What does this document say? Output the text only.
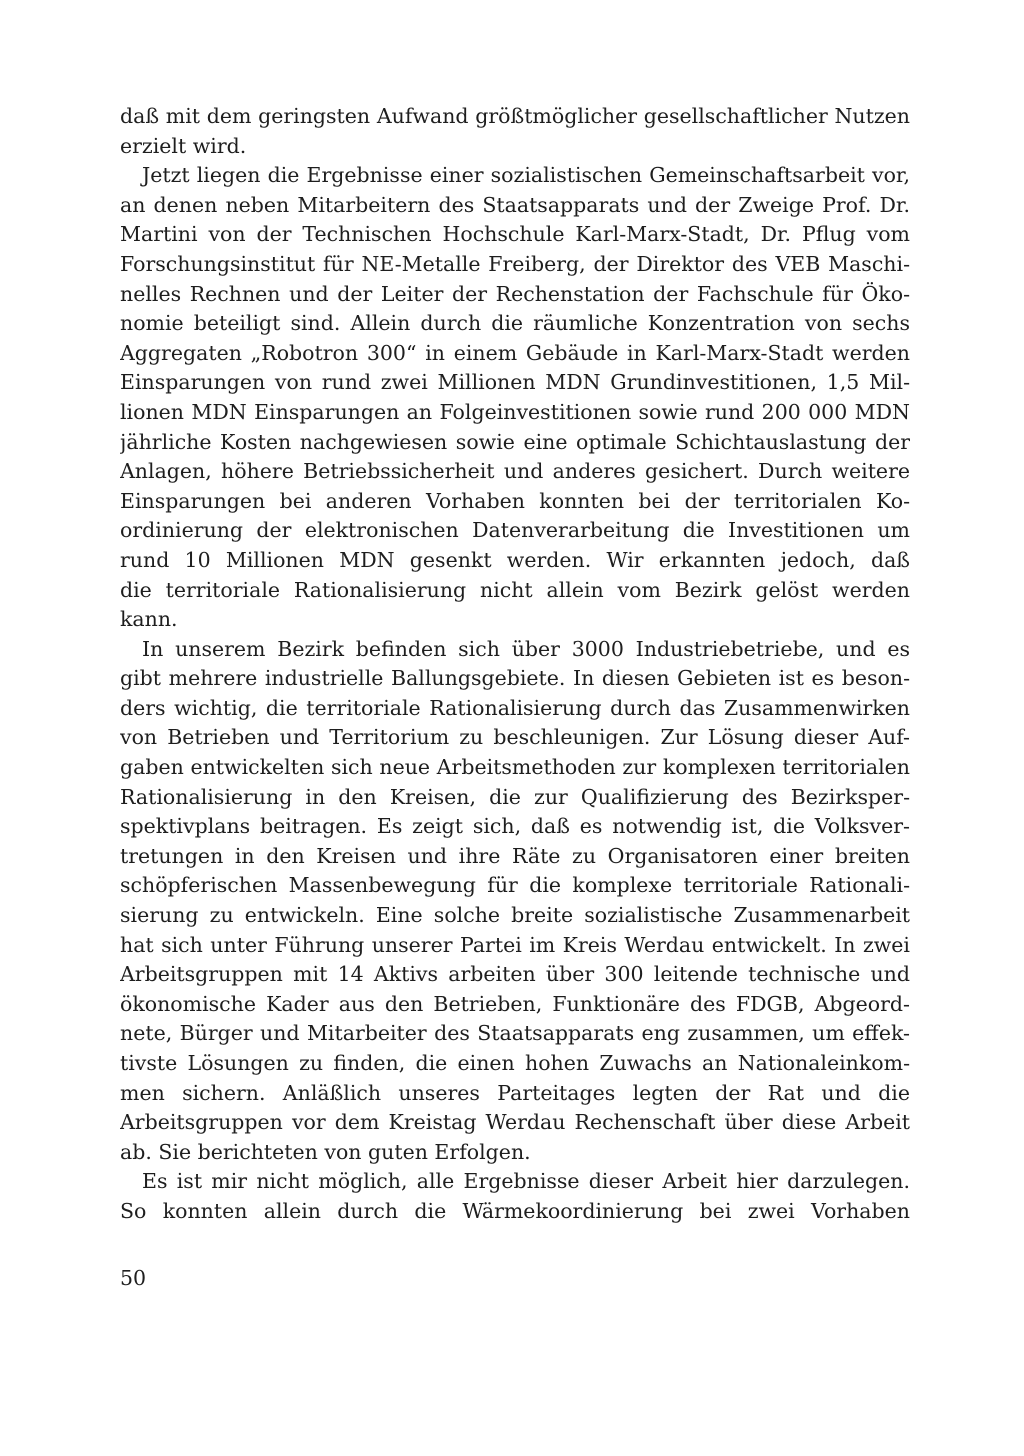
daß mit dem geringsten Aufwand größtmöglicher gesellschaftlicher Nutzen
erzielt wird.
Jetzt liegen die Ergebnisse einer sozialistischen Gemeinschaftsarbeit vor,
an denen neben Mitarbeitern des Staatsapparats und der Zweige Prof. Dr.
Martini von der Technischen Hochschule Karl-Marx-Stadt, Dr. Pflug vom
Forschungsinstitut für NE-Metalle Freiberg, der Direktor des VEB Maschi-
nelles Rechnen und der Leiter der Rechenstation der Fachschule für Öko-
nomie beteiligt sind. Allein durch die räumliche Konzentration von sechs
Aggregaten „Robotron 300“ in einem Gebäude in Karl-Marx-Stadt werden
Einsparungen von rund zwei Millionen MDN Grundinvestitionen, 1,5 Mil-
lionen MDN Einsparungen an Folgeinvestitionen sowie rund 200 000 MDN
jährliche Kosten nachgewiesen sowie eine optimale Schichtauslastung der
Anlagen, höhere Betriebssicherheit und anderes gesichert. Durch weitere
Einsparungen bei anderen Vorhaben konnten bei der territorialen Ko-
ordinierung der elektronischen Datenverarbeitung die Investitionen um
rund 10 Millionen MDN gesenkt werden. Wir erkannten jedoch, daß
die territoriale Rationalisierung nicht allein vom Bezirk gelöst werden
kann.
In unserem Bezirk befinden sich über 3000 Industriebetriebe, und es
gibt mehrere industrielle Ballungsgebiete. In diesen Gebieten ist es beson-
ders wichtig, die territoriale Rationalisierung durch das Zusammenwirken
von Betrieben und Territorium zu beschleunigen. Zur Lösung dieser Auf-
gaben entwickelten sich neue Arbeitsmethoden zur komplexen territorialen
Rationalisierung in den Kreisen, die zur Qualifizierung des Bezirksper-
spektivplans beitragen. Es zeigt sich, daß es notwendig ist, die Volksver-
tretungen in den Kreisen und ihre Räte zu Organisatoren einer breiten
schöpferischen Massenbewegung für die komplexe territoriale Rationali-
sierung zu entwickeln. Eine solche breite sozialistische Zusammenarbeit
hat sich unter Führung unserer Partei im Kreis Werdau entwickelt. In zwei
Arbeitsgruppen mit 14 Aktivs arbeiten über 300 leitende technische und
ökonomische Kader aus den Betrieben, Funktionäre des FDGB, Abgeord-
nete, Bürger und Mitarbeiter des Staatsapparats eng zusammen, um effek-
tivste Lösungen zu finden, die einen hohen Zuwachs an Nationaleinkom-
men sichern. Anläßlich unseres Parteitages legten der Rat und die
Arbeitsgruppen vor dem Kreistag Werdau Rechenschaft über diese Arbeit
ab. Sie berichteten von guten Erfolgen.
Es ist mir nicht möglich, alle Ergebnisse dieser Arbeit hier darzulegen.
So konnten allein durch die Wärmekoordinierung bei zwei Vorhaben
50
